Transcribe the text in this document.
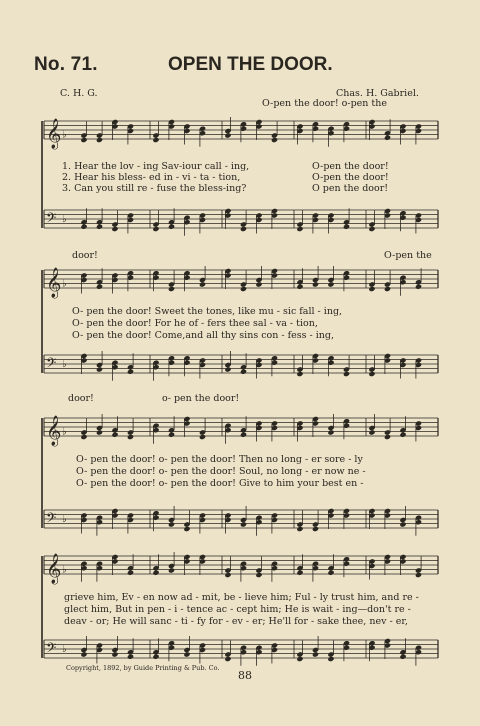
No. 71.	OPEN THE DOOR.
C. H. G.	Chas. H. Gabriel.
𝄞 ♭
𝄢 ♭
𝄞 ♭
𝄢 ♭
𝄞 ♭
𝄢 ♭
𝄞 ♭
𝄢 ♭
O-pen the door! o-pen the
1. Hear the lov - ing Sav-iour call - ing,
2. Hear his bless- ed in - vi - ta - tion,
3. Can you still re - fuse the bless-ing?
O-pen the door!
O-pen the door!
O pen the door!
door!	O-pen the
O- pen the door! Sweet the tones, like mu - sic fall - ing,
O- pen the door! For he of - fers thee sal - va - tion,
O- pen the door! Come,and all thy sins con - fess - ing,
door!	o- pen the door!
O- pen the door! o- pen the door! Then no long - er sore - ly
O- pen the door! o- pen the door! Soul, no long - er now ne -
O- pen the door! o- pen the door! Give to him your best en -
grieve him, Ev - en now ad - mit, be - lieve him; Ful - ly trust him, and re -
glect him, But in pen - i - tence ac - cept him; He is wait - ing—don't re -
deav - or; He will sanc - ti - fy for - ev - er; He'll for - sake thee, nev - er,
Copyright, 1892, by Guide Printing & Pub. Co.
88
